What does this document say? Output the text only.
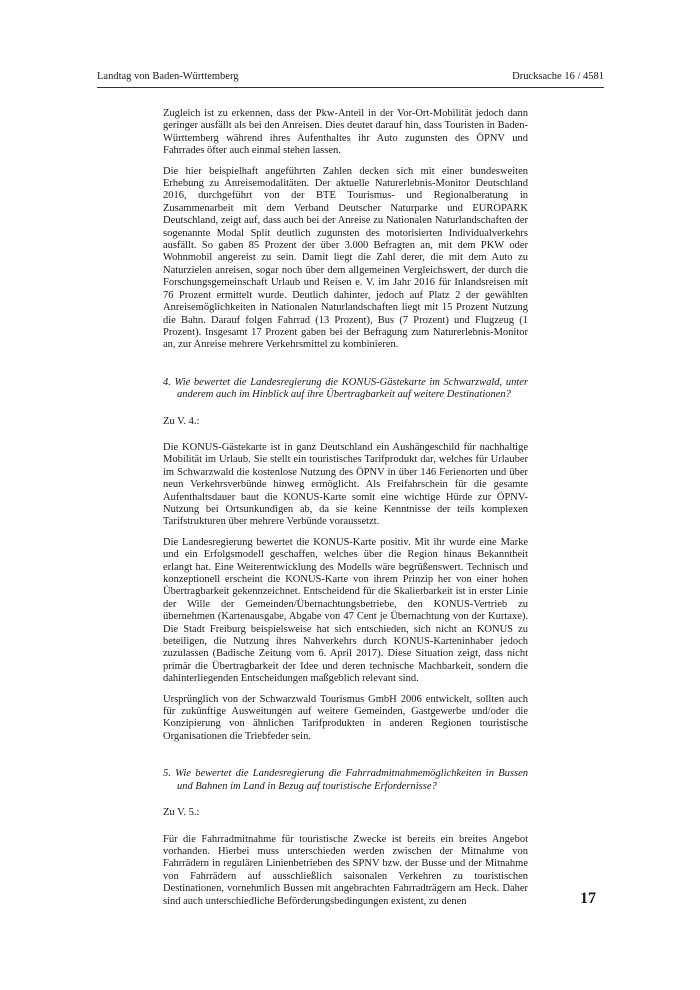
Landtag von Baden-Württemberg	Drucksache 16 / 4581

Zugleich ist zu erkennen, dass der Pkw-Anteil in der Vor-Ort-Mobilität jedoch dann geringer ausfällt als bei den Anreisen. Dies deutet darauf hin, dass Touristen in Baden-Württemberg während ihres Aufenthaltes ihr Auto zugunsten des ÖPNV und Fahrrades öfter auch einmal stehen lassen.

Die hier beispielhaft angeführten Zahlen decken sich mit einer bundesweiten Erhebung zu Anreisemodalitäten. Der aktuelle Naturerlebnis-Monitor Deutschland 2016, durchgeführt von der BTE Tourismus- und Regionalberatung in Zusammenarbeit mit dem Verband Deutscher Naturparke und EUROPARK Deutschland, zeigt auf, dass auch bei der Anreise zu Nationalen Naturlandschaften der sogenannte Modal Split deutlich zugunsten des motorisierten Individualverkehrs ausfällt. So gaben 85 Prozent der über 3.000 Befragten an, mit dem PKW oder Wohnmobil angereist zu sein. Damit liegt die Zahl derer, die mit dem Auto zu Naturzielen anreisen, sogar noch über dem allgemeinen Vergleichswert, der durch die Forschungsgemeinschaft Urlaub und Reisen e. V. im Jahr 2016 für Inlandsreisen mit 76 Prozent ermittelt wurde. Deutlich dahinter, jedoch auf Platz 2 der gewählten Anreisemöglichkeiten in Nationalen Naturlandschaften liegt mit 15 Prozent Nutzung die Bahn. Darauf folgen Fahrrad (13 Prozent), Bus (7 Prozent) und Flugzeug (1 Prozent). Insgesamt 17 Prozent gaben bei der Befragung zum Naturerlebnis-Monitor an, zur Anreise mehrere Verkehrsmittel zu kombinieren.

4. Wie bewertet die Landesregierung die KONUS-Gästekarte im Schwarzwald, unter anderem auch im Hinblick auf ihre Übertragbarkeit auf weitere Destinationen?

Zu V. 4.:

Die KONUS-Gästekarte ist in ganz Deutschland ein Aushängeschild für nachhaltige Mobilität im Urlaub. Sie stellt ein touristisches Tarifprodukt dar, welches für Urlauber im Schwarzwald die kostenlose Nutzung des ÖPNV in über 146 Ferienorten und über neun Verkehrsverbünde hinweg ermöglicht. Als Freifahrschein für die gesamte Aufenthaltsdauer baut die KONUS-Karte somit eine wichtige Hürde zur ÖPNV-Nutzung bei Ortsunkundigen ab, da sie keine Kenntnisse der teils komplexen Tarifstrukturen über mehrere Verbünde voraussetzt.

Die Landesregierung bewertet die KONUS-Karte positiv. Mit ihr wurde eine Marke und ein Erfolgsmodell geschaffen, welches über die Region hinaus Bekanntheit erlangt hat. Eine Weiterentwicklung des Modells wäre begrüßenswert. Technisch und konzeptionell erscheint die KONUS-Karte von ihrem Prinzip her von einer hohen Übertragbarkeit gekennzeichnet. Entscheidend für die Skalierbarkeit ist in erster Linie der Wille der Gemeinden/Übernachtungsbetriebe, den KONUS-Vertrieb zu übernehmen (Kartenausgabe, Abgabe von 47 Cent je Übernachtung von der Kurtaxe). Die Stadt Freiburg beispielsweise hat sich entschieden, sich nicht an KONUS zu beteiligen, die Nutzung ihres Nahverkehrs durch KONUS-Karteninhaber jedoch zuzulassen (Badische Zeitung vom 6. April 2017). Diese Situation zeigt, dass nicht primär die Übertragbarkeit der Idee und deren technische Machbarkeit, sondern die dahinterliegenden Entscheidungen maßgeblich relevant sind.

Ursprünglich von der Schwarzwald Tourismus GmbH 2006 entwickelt, sollten auch für zukünftige Ausweitungen auf weitere Gemeinden, Gastgewerbe und/oder die Konzipierung von ähnlichen Tarifprodukten in anderen Regionen touristische Organisationen die Triebfeder sein.

5. Wie bewertet die Landesregierung die Fahrradmitnahmemöglichkeiten in Bussen und Bahnen im Land in Bezug auf touristische Erfordernisse?

Zu V. 5.:

Für die Fahrradmitnahme für touristische Zwecke ist bereits ein breites Angebot vorhanden. Hierbei muss unterschieden werden zwischen der Mitnahme von Fahrrädern in regulären Linienbetrieben des SPNV bzw. der Busse und der Mitnahme von Fahrrädern auf ausschließlich saisonalen Verkehren zu touristischen Destinationen, vornehmlich Bussen mit angebrachten Fahrradträgern am Heck. Daher sind auch unterschiedliche Beförderungsbedingungen existent, zu denen	17
